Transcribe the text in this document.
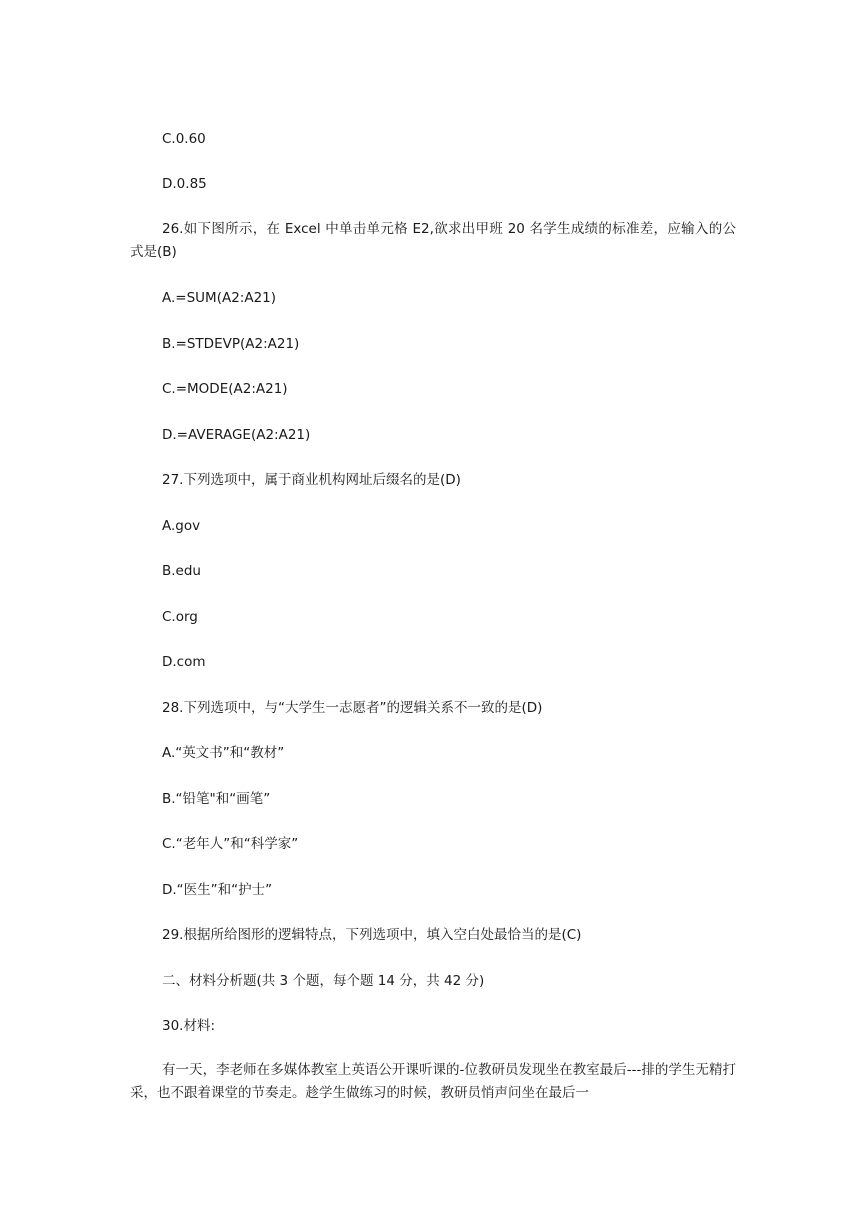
C.0.60
D.0.85
26.如下图所示，在 Excel 中单击单元格 E2,欲求出甲班 20 名学生成绩的标准差，应输入的公式是(B)
A.=SUM(A2:A21)
B.=STDEVP(A2:A21)
C.=MODE(A2:A21)
D.=AVERAGE(A2:A21)
27.下列选项中，属于商业机构网址后缀名的是(D)
A.gov
B.edu
C.org
D.com
28.下列选项中，与“大学生一志愿者”的逻辑关系不一致的是(D)
A.“英文书”和“教材”
B.“铅笔"和“画笔”
C.“老年人”和“科学家”
D.“医生”和“护士”
29.根据所给图形的逻辑特点，下列选项中，填入空白处最恰当的是(C)
二、材料分析题(共 3 个题，每个题 14 分，共 42 分)
30.材料:
有一天，李老师在多媒体教室上英语公开课听课的-位教研员发现坐在教室最后---排的学生无精打采，也不跟着课堂的节奏走。趁学生做练习的时候，教研员悄声问坐在最后一
